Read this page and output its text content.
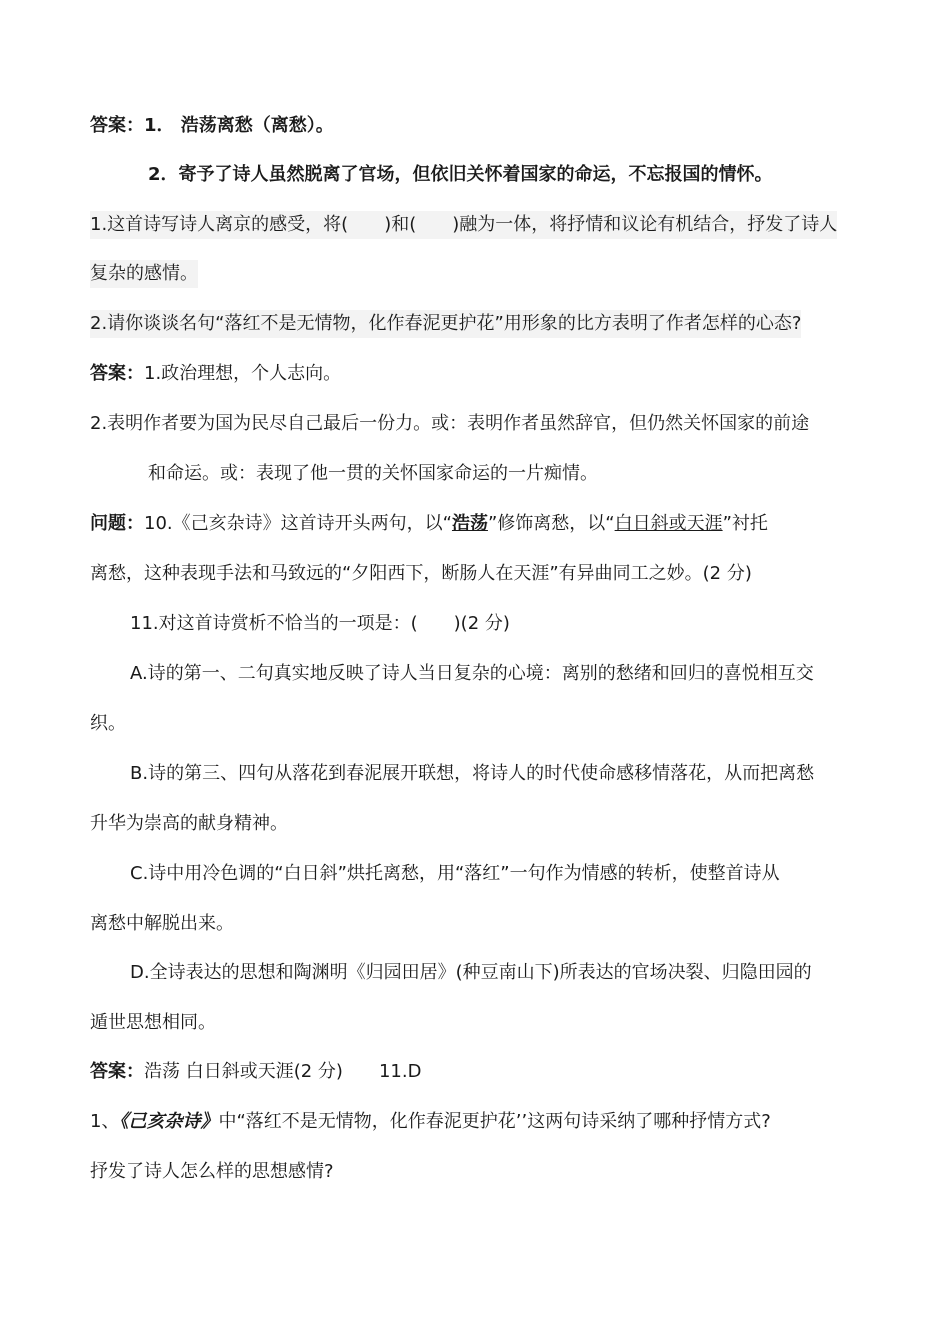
答案：1． 浩荡离愁（离愁）。
2．寄予了诗人虽然脱离了官场，但依旧关怀着国家的命运，不忘报国的情怀。
1.这首诗写诗人离京的感受，将(　　)和(　　)融为一体，将抒情和议论有机结合，抒发了诗人
复杂的感情。
2.请你谈谈名句“落红不是无情物，化作春泥更护花”用形象的比方表明了作者怎样的心态?
答案：1.政治理想，个人志向。
2.表明作者要为国为民尽自己最后一份力。或：表明作者虽然辞官，但仍然关怀国家的前途
和命运。或：表现了他一贯的关怀国家命运的一片痴情。
问题：10.《己亥杂诗》这首诗开头两句，以“浩荡”修饰离愁，以“白日斜或天涯”衬托
离愁，这种表现手法和马致远的“夕阳西下，断肠人在天涯”有异曲同工之妙。(2 分)
11.对这首诗赏析不恰当的一项是：(　　)(2 分)
A.诗的第一、二句真实地反映了诗人当日复杂的心境：离别的愁绪和回归的喜悦相互交
织。
B.诗的第三、四句从落花到春泥展开联想，将诗人的时代使命感移情落花，从而把离愁
升华为崇高的献身精神。
C.诗中用冷色调的“白日斜”烘托离愁，用“落红”一句作为情感的转析，使整首诗从
离愁中解脱出来。
D.全诗表达的思想和陶渊明《归园田居》(种豆南山下)所表达的官场决裂、归隐田园的
遁世思想相同。
答案：浩荡 白日斜或天涯(2 分)　　11.D
1、《己亥杂诗》中“落红不是无情物，化作春泥更护花’’这两句诗采纳了哪种抒情方式?
抒发了诗人怎么样的思想感情?
